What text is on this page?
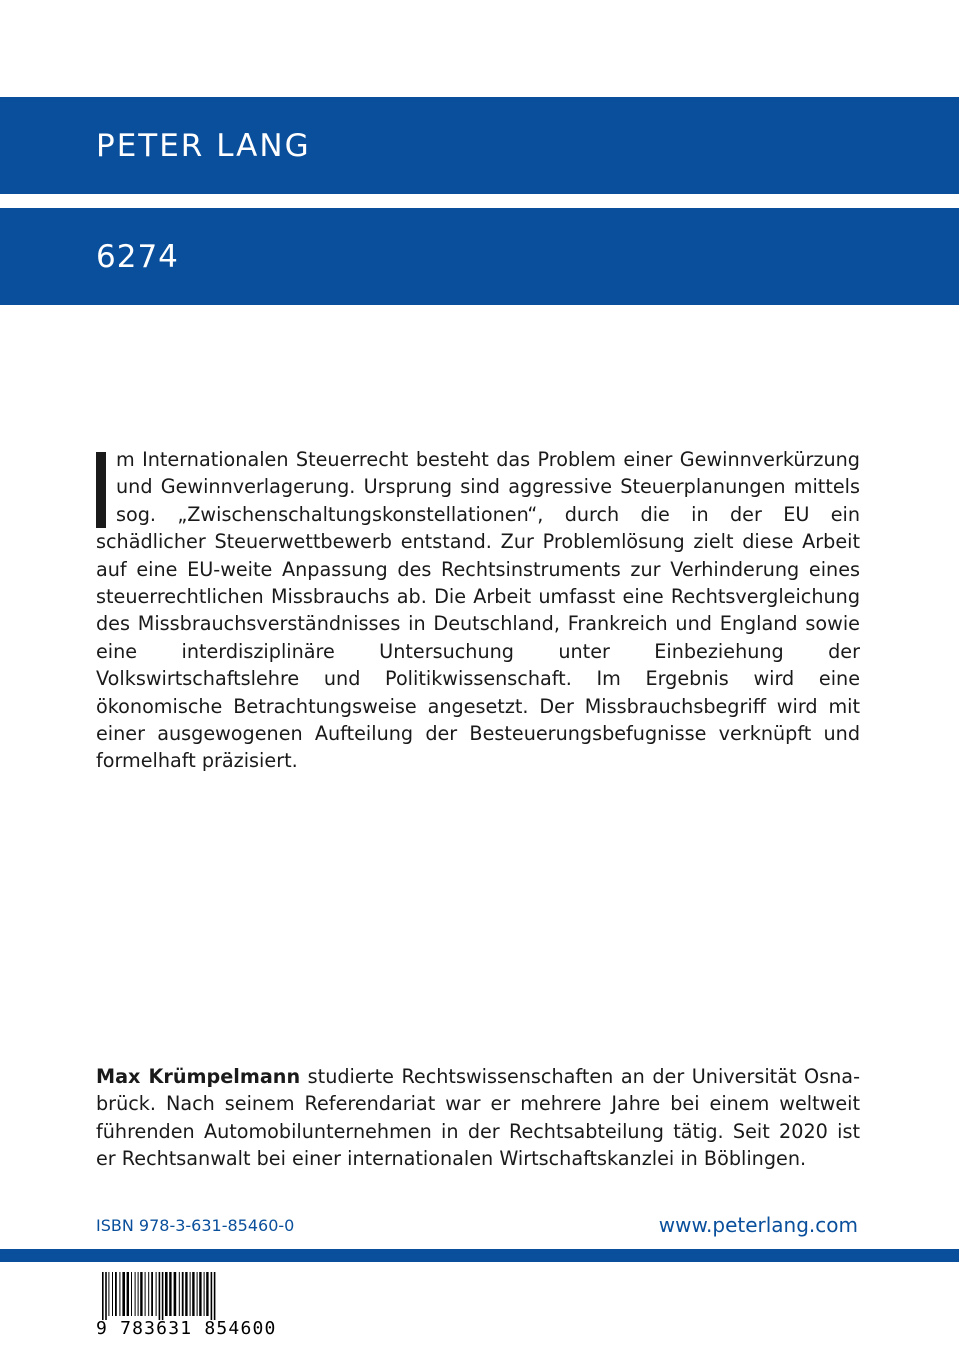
PETER LANG
6274
m Internationalen Steuerrecht besteht das Problem einer Gewinnverkürzung und Gewinnverlagerung. Ursprung sind aggressive Steuerplanungen mittels sog. „Zwischenschaltungskonstellationen“, durch die in der EU ein schädlicher Steuerwettbewerb entstand. Zur Problemlösung zielt diese Arbeit auf eine EU-weite Anpassung des Rechtsinstruments zur Verhinderung eines steuerrechtlichen Missbrauchs ab. Die Arbeit umfasst eine Rechtsvergleichung des Missbrauchsverständnisses in Deutschland, Frankreich und England sowie eine interdisziplinäre Untersuchung unter Einbeziehung der Volkswirtschaftslehre und Politikwissenschaft. Im Ergebnis wird eine ökonomische Betrachtungsweise angesetzt. Der Missbrauchsbegriff wird mit einer ausgewogenen Aufteilung der Besteuerungsbefugnisse verknüpft und formelhaft präzisiert.
Max Krümpelmann studierte Rechtswissenschaften an der Universität Osnabrück. Nach seinem Referendariat war er mehrere Jahre bei einem weltweit führenden Automobilunternehmen in der Rechtsabteilung tätig. Seit 2020 ist er Rechtsanwalt bei einer internationalen Wirtschaftskanzlei in Böblingen.
ISBN 978-3-631-85460-0	www.peterlang.com
9 783631 854600
